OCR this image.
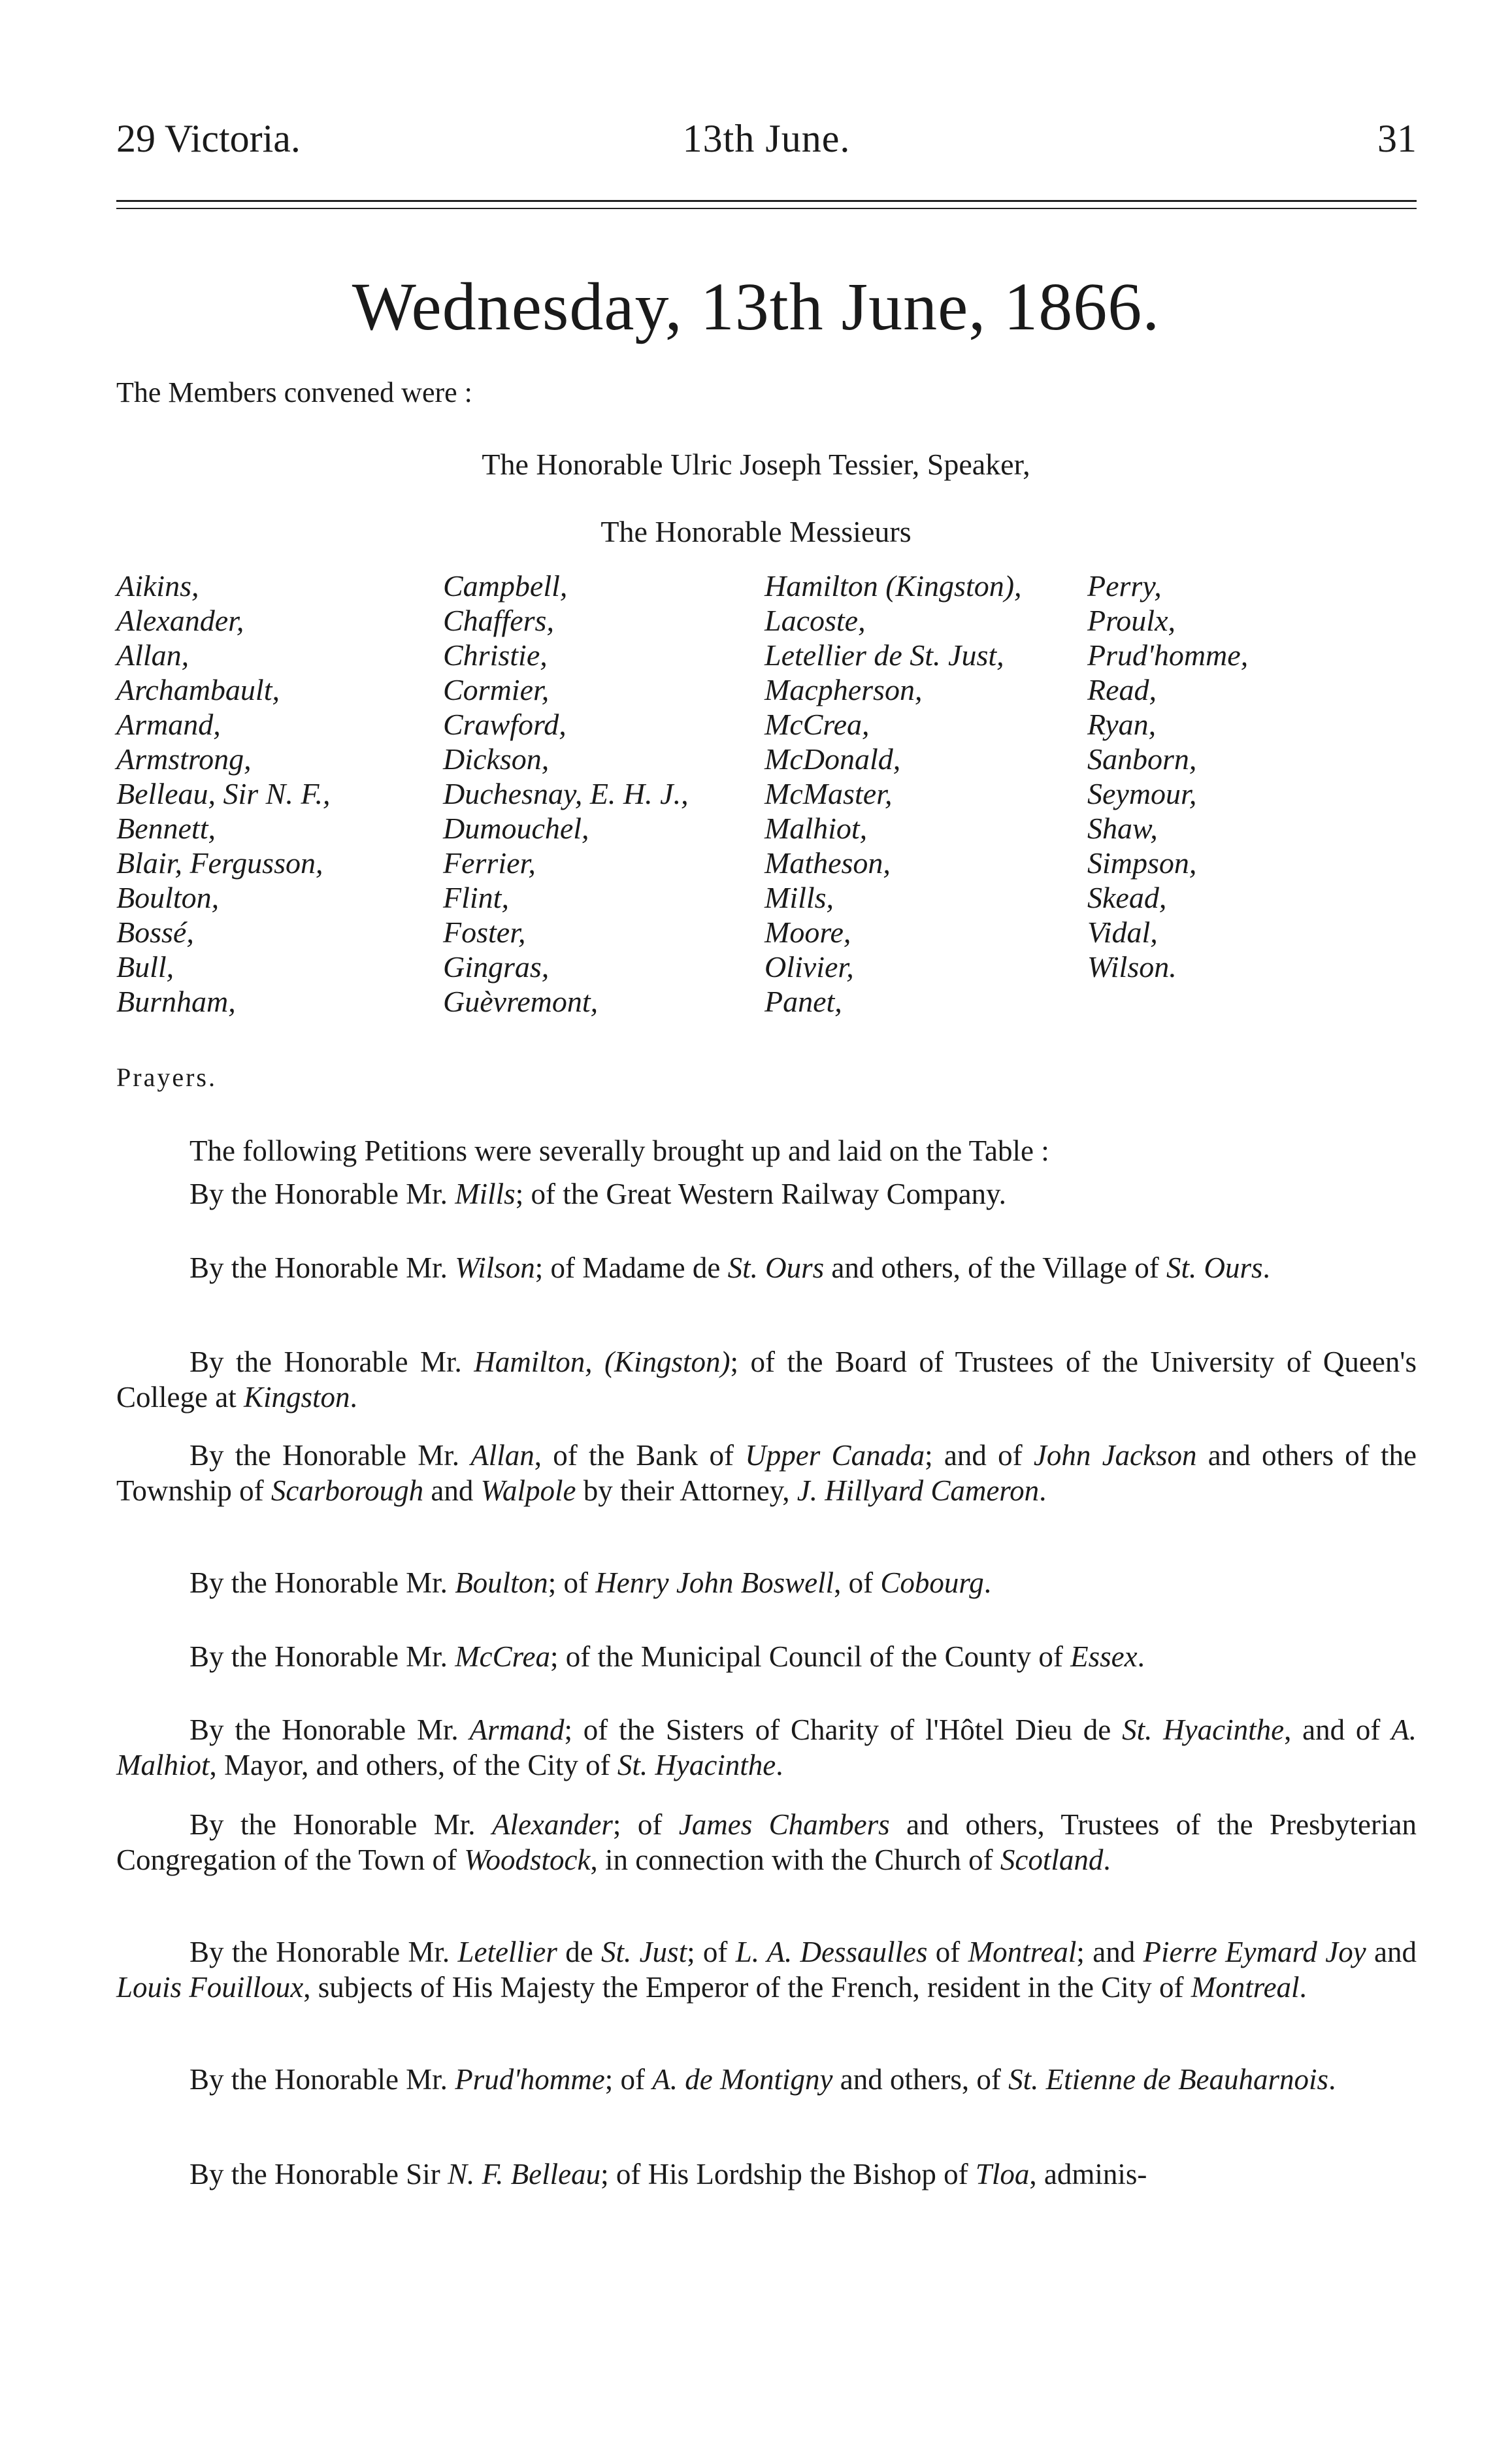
29 Victoria.	13th June.	31
Wednesday, 13th June, 1866.
The Members convened were :
The Honorable Ulric Joseph Tessier, Speaker,
The Honorable Messieurs
Aikins,
Alexander,
Allan,
Archambault,
Armand,
Armstrong,
Belleau, Sir N. F.,
Bennett,
Blair, Fergusson,
Boulton,
Bossé,
Bull,
Burnham,
Campbell,
Chaffers,
Christie,
Cormier,
Crawford,
Dickson,
Duchesnay, E. H. J.,
Dumouchel,
Ferrier,
Flint,
Foster,
Gingras,
Guèvremont,
Hamilton (Kingston),
Lacoste,
Letellier de St. Just,
Macpherson,
McCrea,
McDonald,
McMaster,
Malhiot,
Matheson,
Mills,
Moore,
Olivier,
Panet,
Perry,
Proulx,
Prud'homme,
Read,
Ryan,
Sanborn,
Seymour,
Shaw,
Simpson,
Skead,
Vidal,
Wilson.
Prayers.
The following Petitions were severally brought up and laid on the Table :
By the Honorable Mr. Mills; of the Great Western Railway Company.
By the Honorable Mr. Wilson; of Madame de St. Ours and others, of the Village of St. Ours.
By the Honorable Mr. Hamilton, (Kingston); of the Board of Trustees of the University of Queen's College at Kingston.
By the Honorable Mr. Allan, of the Bank of Upper Canada; and of John Jackson and others of the Township of Scarborough and Walpole by their Attorney, J. Hillyard Cameron.
By the Honorable Mr. Boulton; of Henry John Boswell, of Cobourg.
By the Honorable Mr. McCrea; of the Municipal Council of the County of Essex.
By the Honorable Mr. Armand; of the Sisters of Charity of l'Hôtel Dieu de St. Hyacinthe, and of A. Malhiot, Mayor, and others, of the City of St. Hyacinthe.
By the Honorable Mr. Alexander; of James Chambers and others, Trustees of the Presbyterian Congregation of the Town of Woodstock, in connection with the Church of Scotland.
By the Honorable Mr. Letellier de St. Just; of L. A. Dessaulles of Montreal; and Pierre Eymard Joy and Louis Fouilloux, subjects of His Majesty the Emperor of the French, resident in the City of Montreal.
By the Honorable Mr. Prud'homme; of A. de Montigny and others, of St. Etienne de Beauharnois.
By the Honorable Sir N. F. Belleau; of His Lordship the Bishop of Tloa, adminis-
